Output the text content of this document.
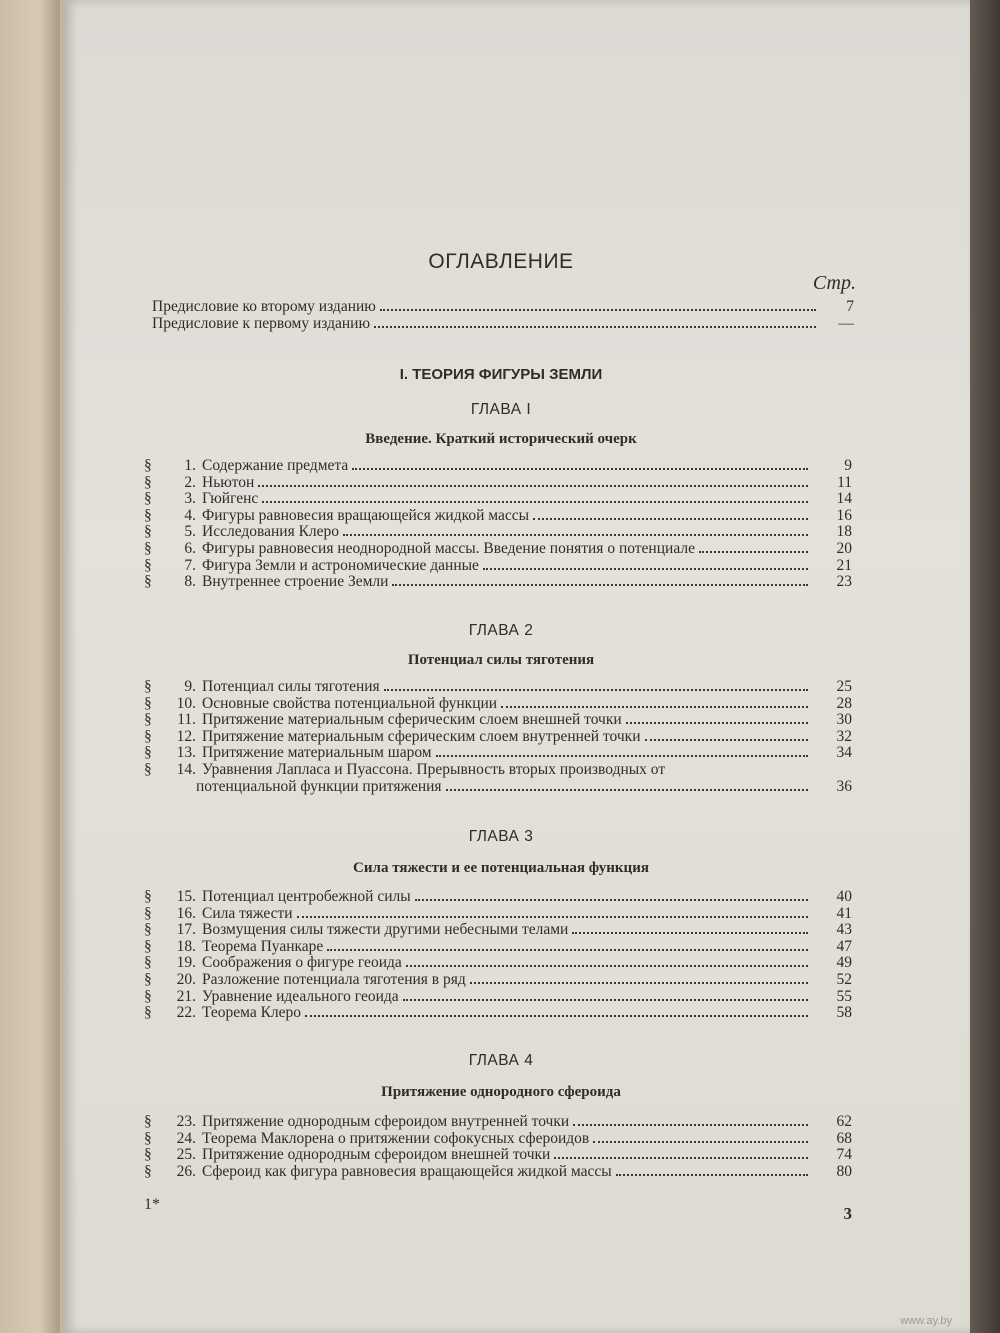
ОГЛАВЛЕНИЕ
Стр.
Предисловие ко второму изданию	7
Предисловие к первому изданию	—
I. ТЕОРИЯ ФИГУРЫ ЗЕМЛИ
ГЛАВА I
Введение. Краткий исторический очерк
§	1. Содержание предмета	9
§	2. Ньютон	11
§	3. Гюйгенс	14
§	4. Фигуры равновесия вращающейся жидкой массы	16
§	5. Исследования Клеро	18
§	6. Фигуры равновесия неоднородной массы. Введение понятия о потенциале	20
§	7. Фигура Земли и астрономические данные	21
§	8. Внутреннее строение Земли	23
ГЛАВА 2
Потенциал силы тяготения
§	9. Потенциал силы тяготения	25
§	10. Основные свойства потенциальной функции	28
§	11. Притяжение материальным сферическим слоем внешней точки	30
§	12. Притяжение материальным сферическим слоем внутренней точки	32
§	13. Притяжение материальным шаром	34
§	14. Уравнения Лапласа и Пуассона. Прерывность вторых производных от
потенциальной функции притяжения	36
ГЛАВА 3
Сила тяжести и ее потенциальная функция
§	15. Потенциал центробежной силы	40
§	16. Сила тяжести	41
§	17. Возмущения силы тяжести другими небесными телами	43
§	18. Теорема Пуанкаре	47
§	19. Соображения о фигуре геоида	49
§	20. Разложение потенциала тяготения в ряд	52
§	21. Уравнение идеального геоида	55
§	22. Теорема Клеро	58
ГЛАВА 4
Притяжение однородного сфероида
§	23. Притяжение однородным сфероидом внутренней точки	62
§	24. Теорема Маклорена о притяжении софокусных сфероидов	68
§	25. Притяжение однородным сфероидом внешней точки	74
§	26. Сфероид как фигура равновесия вращающейся жидкой массы	80
1*	3
www.ay.by
